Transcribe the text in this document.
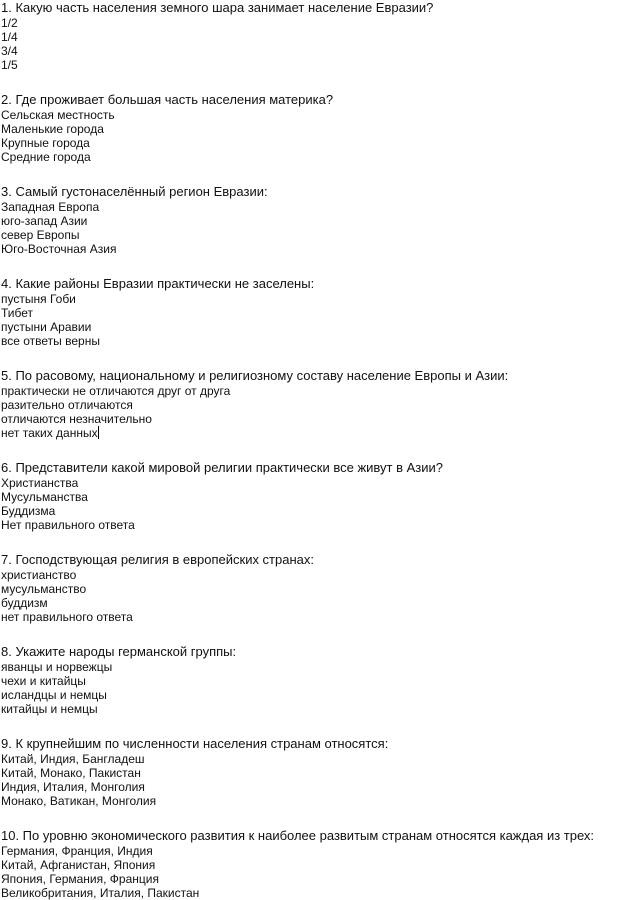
1. Какую часть населения земного шара занимает население Евразии?
1/2
1/4
3/4
1/5
2. Где проживает большая часть населения материка?
Сельская местность
Маленькие города
Крупные города
Средние города
3. Самый густонаселённый регион Евразии:
Западная Европа
юго-запад Азии
север Европы
Юго-Восточная Азия
4. Какие районы Евразии практически не заселены:
пустыня Гоби
Тибет
пустыни Аравии
все ответы верны
5. По расовому, национальному и религиозному составу население Европы и Азии:
практически не отличаются друг от друга
разительно отличаются
отличаются незначительно
нет таких данных
6. Представители какой мировой религии практически все живут в Азии?
Христианства
Мусульманства
Буддизма
Нет правильного ответа
7. Господствующая религия в европейских странах:
христианство
мусульманство
буддизм
нет правильного ответа
8. Укажите народы германской группы:
яванцы и норвежцы
чехи и китайцы
исландцы и немцы
китайцы и немцы
9. К крупнейшим по численности населения странам относятся:
Китай, Индия, Бангладеш
Китай, Монако, Пакистан
Индия, Италия, Монголия
Монако, Ватикан, Монголия
10. По уровню экономического развития к наиболее развитым странам относятся каждая из трех:
Германия, Франция, Индия
Китай, Афганистан, Япония
Япония, Германия, Франция
Великобритания, Италия, Пакистан
